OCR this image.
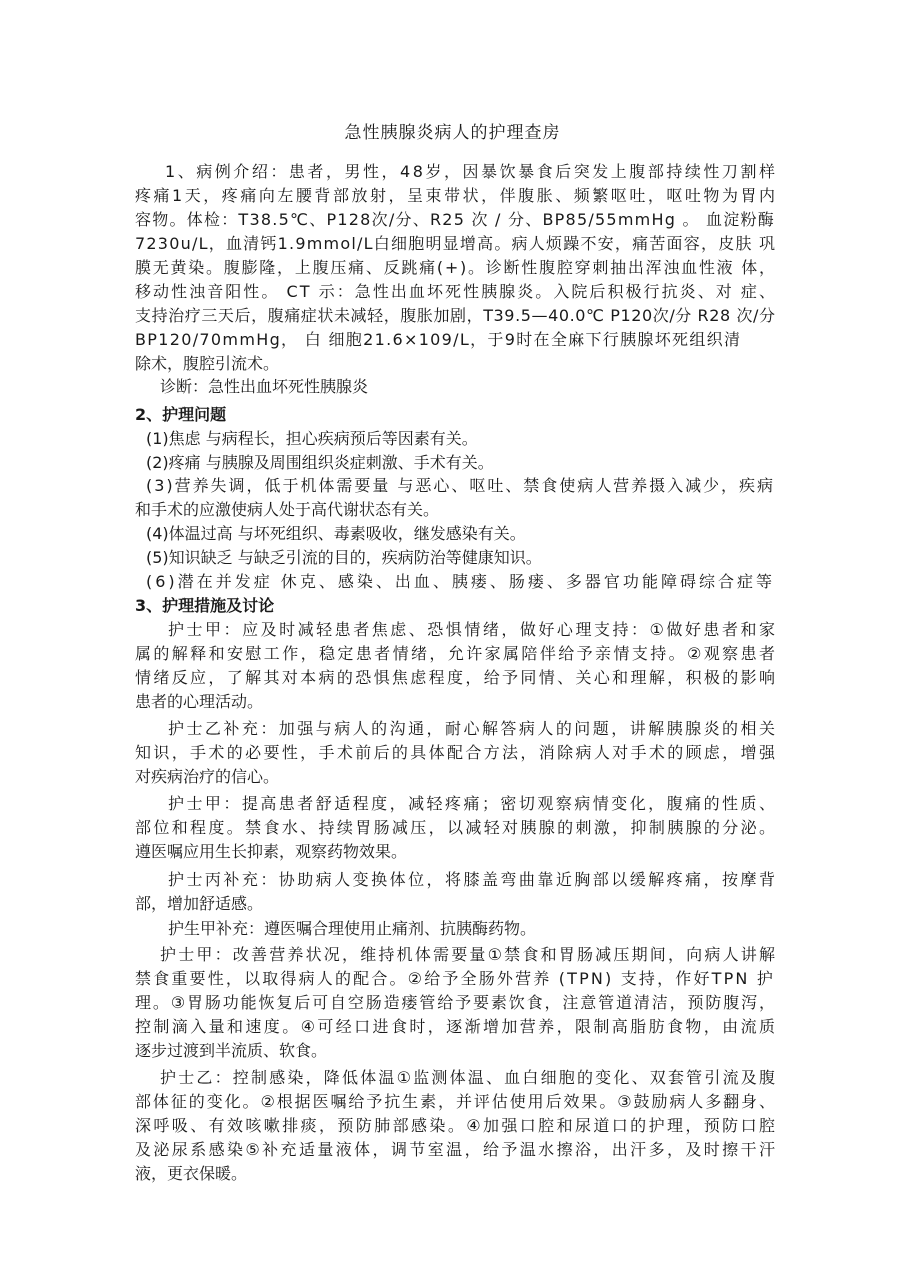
急性胰腺炎病人的护理查房
1、病例介绍：患者，男性，48岁，因暴饮暴食后突发上腹部持续性刀割样
疼痛1天，疼痛向左腰背部放射，呈束带状，伴腹胀、频繁呕吐，呕吐物为胃内
容物。体检：T38.5℃、P128次/分、R25 次 / 分、BP85/55mmHg 。 血淀粉酶
7230u/L，血清钙1.9mmol/L白细胞明显增高。病人烦躁不安，痛苦面容，皮肤 巩
膜无黄染。腹膨隆，上腹压痛、反跳痛(+)。诊断性腹腔穿刺抽出浑浊血性液 体，
移动性浊音阳性。 CT 示：急性出血坏死性胰腺炎。入院后积极行抗炎、对 症、
支持治疗三天后，腹痛症状未减轻，腹胀加剧，T39.5—40.0℃ P120次/分 R28 次/分
BP120/70mmHg， 白 细胞21.6×109/L，于9时在全麻下行胰腺坏死组织清
除术，腹腔引流术。
诊断：急性出血坏死性胰腺炎
2、护理问题
(1)焦虑 与病程长，担心疾病预后等因素有关。
(2)疼痛 与胰腺及周围组织炎症刺激、手术有关。
(3)营养失调，低于机体需要量 与恶心、呕吐、禁食使病人营养摄入减少，疾病
和手术的应激使病人处于高代谢状态有关。
(4)体温过高 与坏死组织、毒素吸收，继发感染有关。
(5)知识缺乏 与缺乏引流的目的，疾病防治等健康知识。
(6)潜在并发症 休克、感染、出血、胰瘘、肠瘘、多器官功能障碍综合症等
3、护理措施及讨论
护士甲：应及时减轻患者焦虑、恐惧情绪，做好心理支持：①做好患者和家
属的解释和安慰工作，稳定患者情绪，允许家属陪伴给予亲情支持。②观察患者
情绪反应，了解其对本病的恐惧焦虑程度，给予同情、关心和理解，积极的影响
患者的心理活动。
护士乙补充：加强与病人的沟通，耐心解答病人的问题，讲解胰腺炎的相关
知识，手术的必要性，手术前后的具体配合方法，消除病人对手术的顾虑，增强
对疾病治疗的信心。
护士甲：提高患者舒适程度，减轻疼痛；密切观察病情变化，腹痛的性质、
部位和程度。禁食水、持续胃肠减压，以减轻对胰腺的刺激，抑制胰腺的分泌。
遵医嘱应用生长抑素，观察药物效果。
护士丙补充：协助病人变换体位，将膝盖弯曲靠近胸部以缓解疼痛，按摩背
部，增加舒适感。
护生甲补充：遵医嘱合理使用止痛剂、抗胰酶药物。
护士甲：改善营养状况，维持机体需要量①禁食和胃肠减压期间，向病人讲解
禁食重要性，以取得病人的配合。②给予全肠外营养 (TPN) 支持，作好TPN 护
理。③胃肠功能恢复后可自空肠造瘘管给予要素饮食，注意管道清洁，预防腹泻，
控制滴入量和速度。④可经口进食时，逐渐增加营养，限制高脂肪食物，由流质
逐步过渡到半流质、软食。
护士乙：控制感染，降低体温①监测体温、血白细胞的变化、双套管引流及腹
部体征的变化。②根据医嘱给予抗生素，并评估使用后效果。③鼓励病人多翻身、
深呼吸、有效咳嗽排痰，预防肺部感染。④加强口腔和尿道口的护理，预防口腔
及泌尿系感染⑤补充适量液体，调节室温，给予温水擦浴，出汗多，及时擦干汗
液，更衣保暖。
